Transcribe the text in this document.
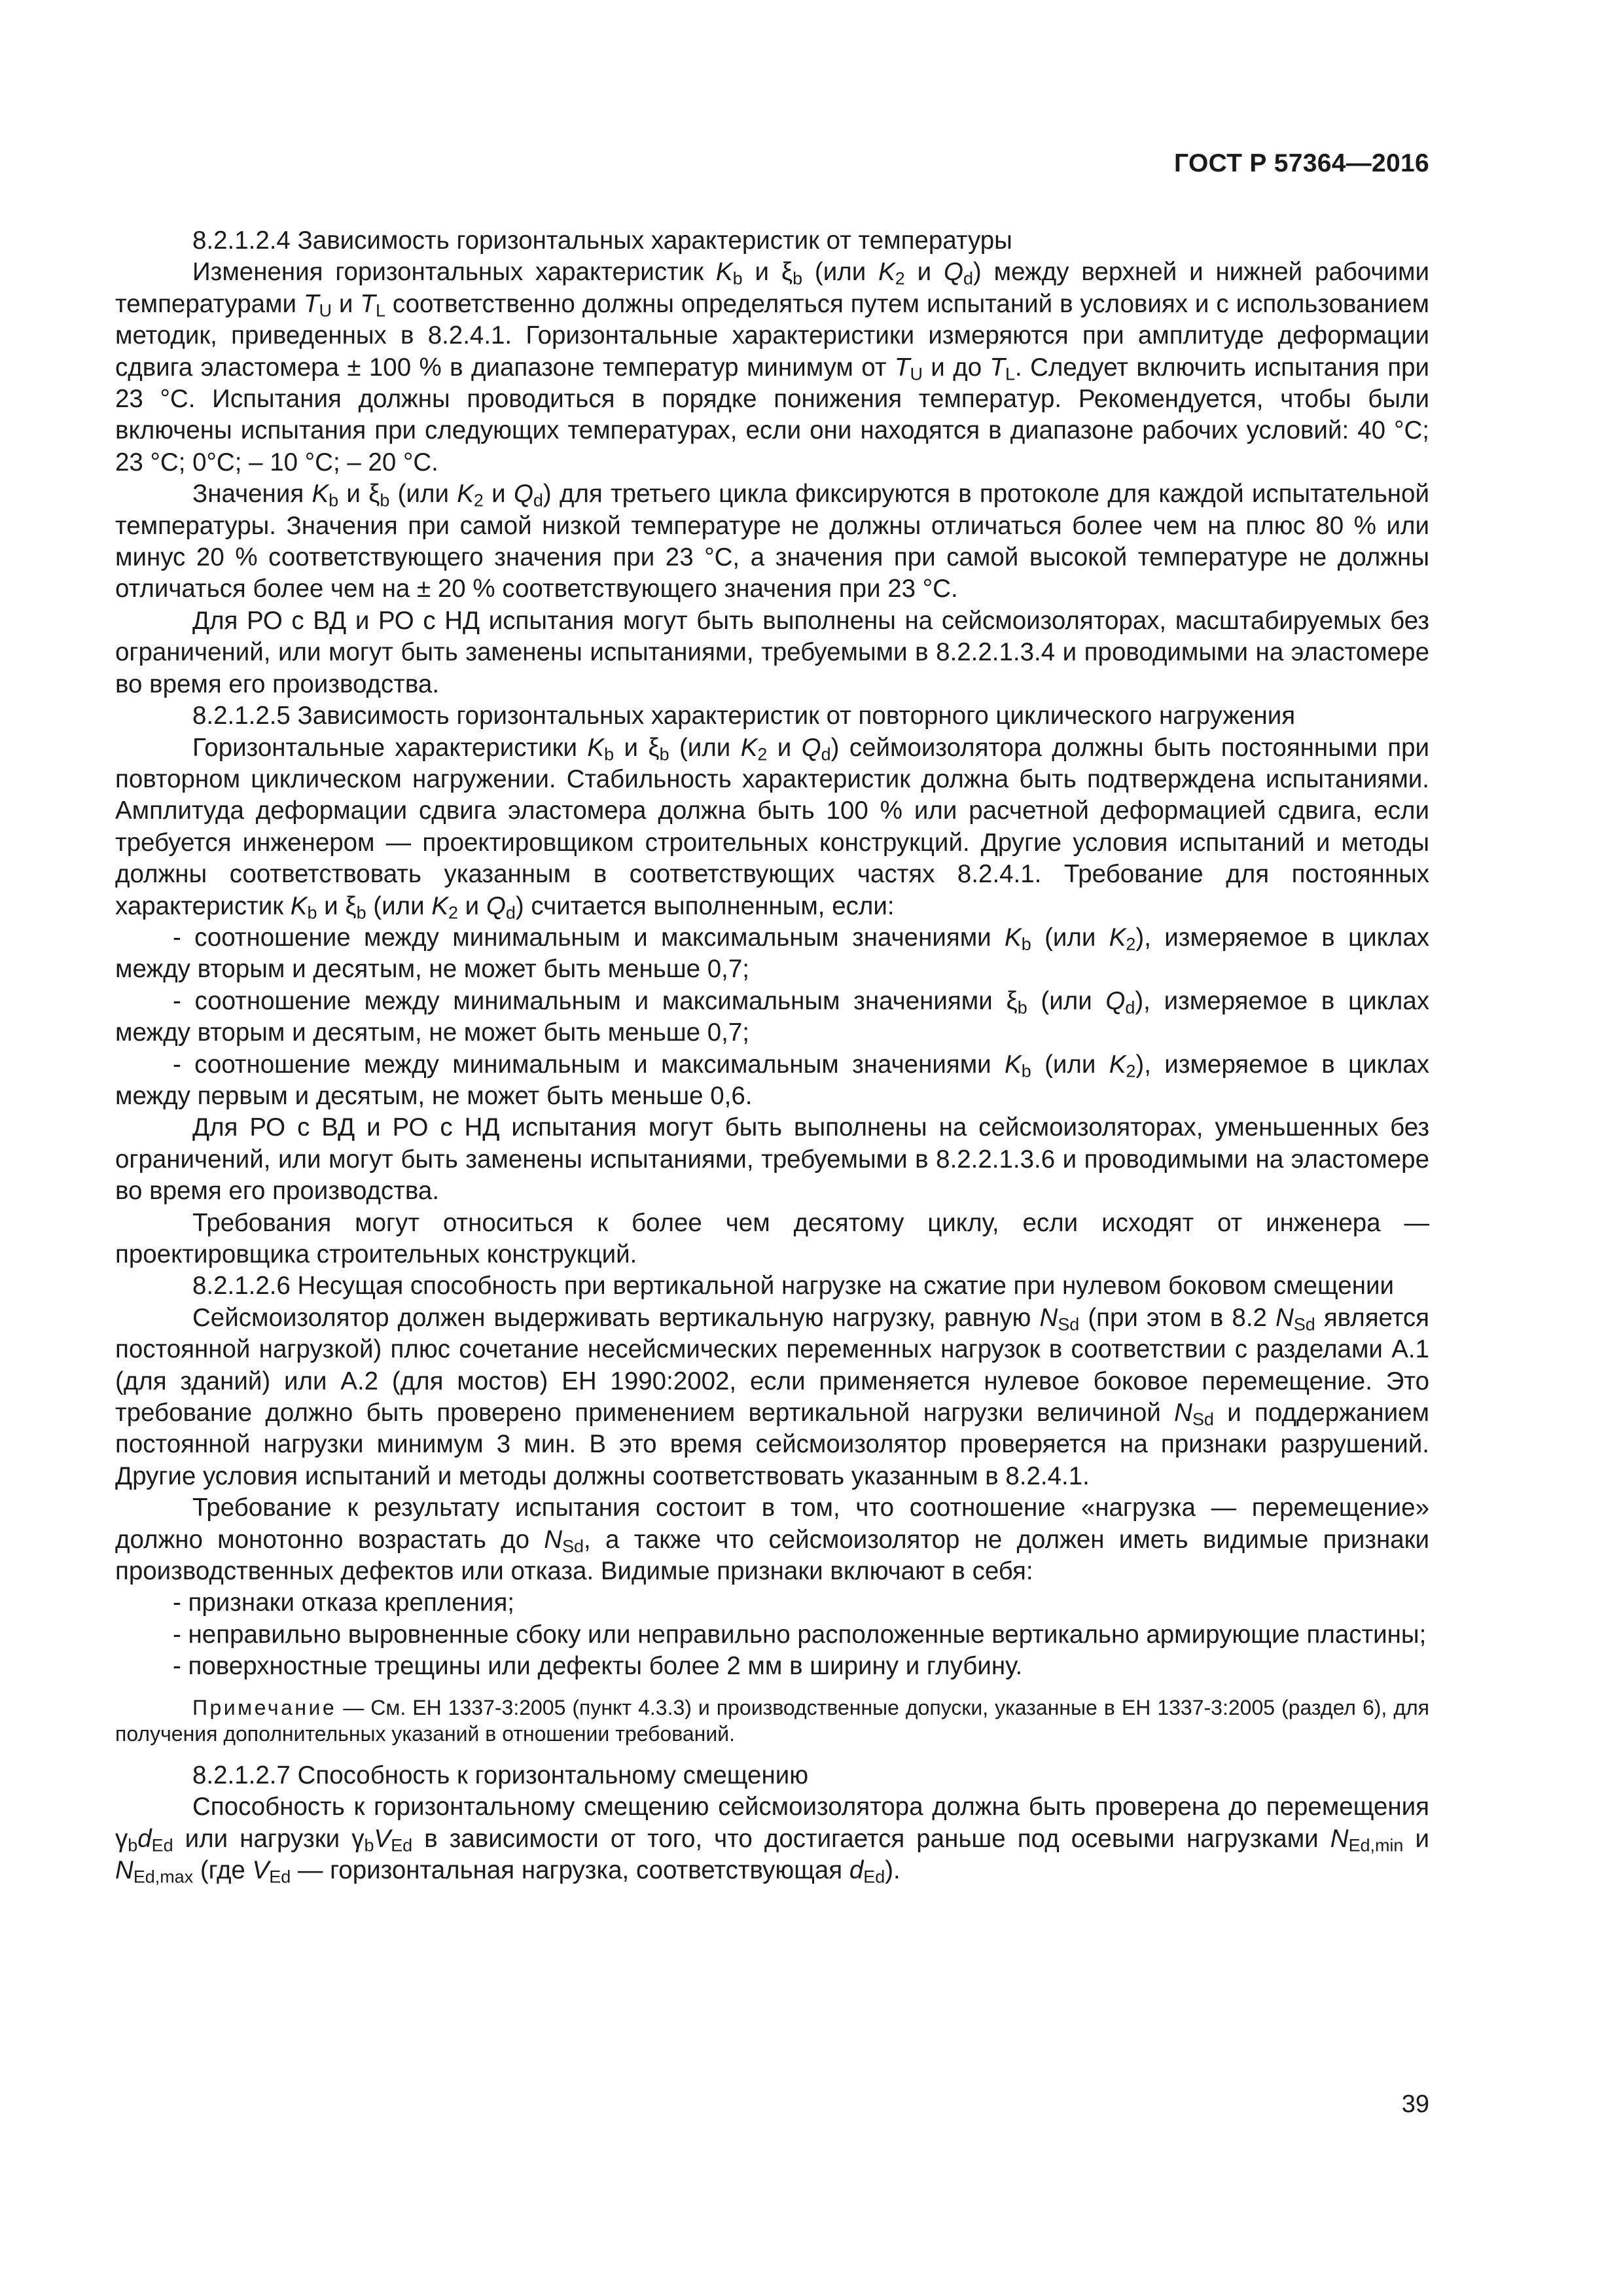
ГОСТ Р 57364—2016

8.2.1.2.4 Зависимость горизонтальных характеристик от температуры

Изменения горизонтальных характеристик $K_b$ и $\xi_b$ (или $K_2$ и $Q_d$) между верхней и нижней рабочими температурами $T_U$ и $T_L$ соответственно должны определяться путем испытаний в условиях и с использованием методик, приведенных в 8.2.4.1. Горизонтальные характеристики измеряются при амплитуде деформации сдвига эластомера ± 100 % в диапазоне температур минимум от $T_U$ и до $T_L$. Следует включить испытания при 23 °С. Испытания должны проводиться в порядке понижения температур. Рекомендуется, чтобы были включены испытания при следующих температурах, если они находятся в диапазоне рабочих условий: 40 °С; 23 °С; 0°С; – 10 °С; – 20 °С.

Значения $K_b$ и $\xi_b$ (или $K_2$ и $Q_d$) для третьего цикла фиксируются в протоколе для каждой испытательной температуры. Значения при самой низкой температуре не должны отличаться более чем на плюс 80 % или минус 20 % соответствующего значения при 23 °С, а значения при самой высокой температуре не должны отличаться более чем на ± 20 % соответствующего значения при 23 °С.

Для РО с ВД и РО с НД испытания могут быть выполнены на сейсмоизоляторах, масштабируемых без ограничений, или могут быть заменены испытаниями, требуемыми в 8.2.2.1.3.4 и проводимыми на эластомере во время его производства.

8.2.1.2.5 Зависимость горизонтальных характеристик от повторного циклического нагружения

Горизонтальные характеристики $K_b$ и $\xi_b$ (или $K_2$ и $Q_d$) сеймоизолятора должны быть постоянными при повторном циклическом нагружении. Стабильность характеристик должна быть подтверждена испытаниями. Амплитуда деформации сдвига эластомера должна быть 100 % или расчетной деформацией сдвига, если требуется инженером — проектировщиком строительных конструкций. Другие условия испытаний и методы должны соответствовать указанным в соответствующих частях 8.2.4.1. Требование для постоянных характеристик $K_b$ и $\xi_b$ (или $K_2$ и $Q_d$) считается выполненным, если:

- соотношение между минимальным и максимальным значениями $K_b$ (или $K_2$), измеряемое в циклах между вторым и десятым, не может быть меньше 0,7;

- соотношение между минимальным и максимальным значениями $\xi_b$ (или $Q_d$), измеряемое в циклах между вторым и десятым, не может быть меньше 0,7;

- соотношение между минимальным и максимальным значениями $K_b$ (или $K_2$), измеряемое в циклах между первым и десятым, не может быть меньше 0,6.

Для РО с ВД и РО с НД испытания могут быть выполнены на сейсмоизоляторах, уменьшенных без ограничений, или могут быть заменены испытаниями, требуемыми в 8.2.2.1.3.6 и проводимыми на эластомере во время его производства.

Требования могут относиться к более чем десятому циклу, если исходят от инженера — проектировщика строительных конструкций.

8.2.1.2.6 Несущая способность при вертикальной нагрузке на сжатие при нулевом боковом смещении

Сейсмоизолятор должен выдерживать вертикальную нагрузку, равную $N_{Sd}$ (при этом в 8.2 $N_{Sd}$ является постоянной нагрузкой) плюс сочетание несейсмических переменных нагрузок в соответствии с разделами А.1 (для зданий) или А.2 (для мостов) ЕН 1990:2002, если применяется нулевое боковое перемещение. Это требование должно быть проверено применением вертикальной нагрузки величиной $N_{Sd}$ и поддержанием постоянной нагрузки минимум 3 мин. В это время сейсмоизолятор проверяется на признаки разрушений. Другие условия испытаний и методы должны соответствовать указанным в 8.2.4.1.

Требование к результату испытания состоит в том, что соотношение «нагрузка — перемещение» должно монотонно возрастать до $N_{Sd}$, а также что сейсмоизолятор не должен иметь видимые признаки производственных дефектов или отказа. Видимые признаки включают в себя:

- признаки отказа крепления;

- неправильно выровненные сбоку или неправильно расположенные вертикально армирующие пластины;

- поверхностные трещины или дефекты более 2 мм в ширину и глубину.

Примечание — См. ЕН 1337-3:2005 (пункт 4.3.3) и производственные допуски, указанные в ЕН 1337-3:2005 (раздел 6), для получения дополнительных указаний в отношении требований.

8.2.1.2.7 Способность к горизонтальному смещению

Способность к горизонтальному смещению сейсмоизолятора должна быть проверена до перемещения $\gamma_bd_{Ed}$ или нагрузки $\gamma_bV_{Ed}$ в зависимости от того, что достигается раньше под осевыми нагрузками $N_{Ed,min}$ и $N_{Ed,max}$ (где $V_{Ed}$ — горизонтальная нагрузка, соответствующая $d_{Ed}$).

39
